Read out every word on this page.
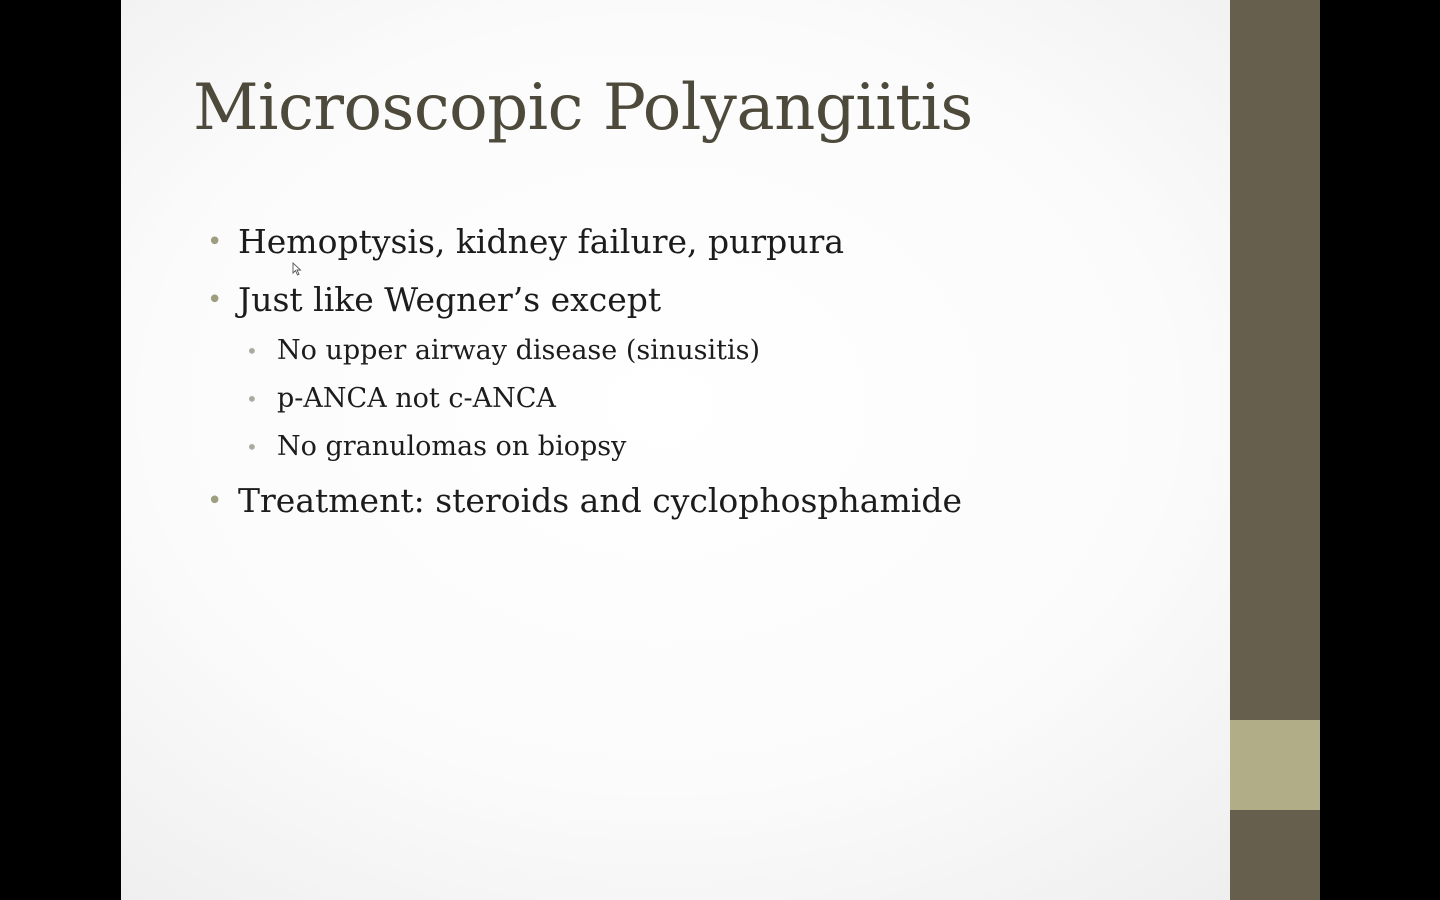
Microscopic Polyangiitis
• Hemoptysis, kidney failure, purpura
• Just like Wegner’s except
• No upper airway disease (sinusitis)
• p-ANCA not c-ANCA
• No granulomas on biopsy
• Treatment: steroids and cyclophosphamide
